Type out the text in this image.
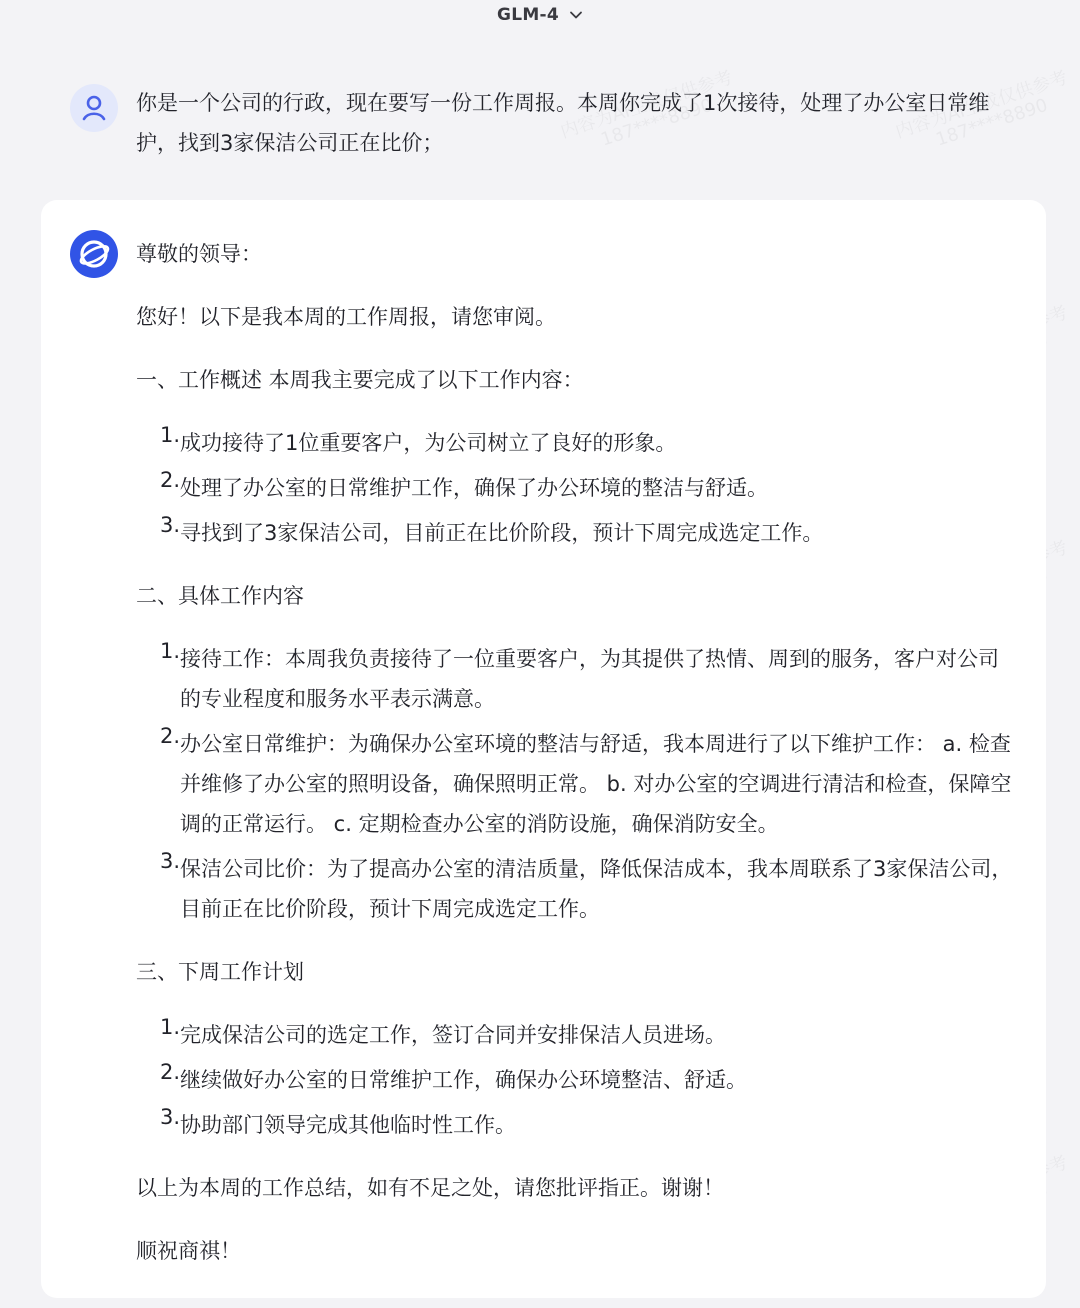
GLM-4
你是一个公司的行政，现在要写一份工作周报。本周你完成了1次接待，处理了办公室日常维护，找到3家保洁公司正在比价；

尊敬的领导：

您好！以下是我本周的工作周报，请您审阅。

一、工作概述 本周我主要完成了以下工作内容：

1. 成功接待了1位重要客户，为公司树立了良好的形象。
2. 处理了办公室的日常维护工作，确保了办公环境的整洁与舒适。
3. 寻找到了3家保洁公司，目前正在比价阶段，预计下周完成选定工作。

二、具体工作内容

1. 接待工作：本周我负责接待了一位重要客户，为其提供了热情、周到的服务，客户对公司的专业程度和服务水平表示满意。
2. 办公室日常维护：为确保办公室环境的整洁与舒适，我本周进行了以下维护工作： a. 检查并维修了办公室的照明设备，确保照明正常。 b. 对办公室的空调进行清洁和检查，保障空调的正常运行。 c. 定期检查办公室的消防设施，确保消防安全。
3. 保洁公司比价：为了提高办公室的清洁质量，降低保洁成本，我本周联系了3家保洁公司，目前正在比价阶段，预计下周完成选定工作。

三、下周工作计划

1. 完成保洁公司的选定工作，签订合同并安排保洁人员进场。
2. 继续做好办公室的日常维护工作，确保办公环境整洁、舒适。
3. 协助部门领导完成其他临时性工作。

以上为本周的工作总结，如有不足之处，请您批评指正。谢谢！

顺祝商祺！
